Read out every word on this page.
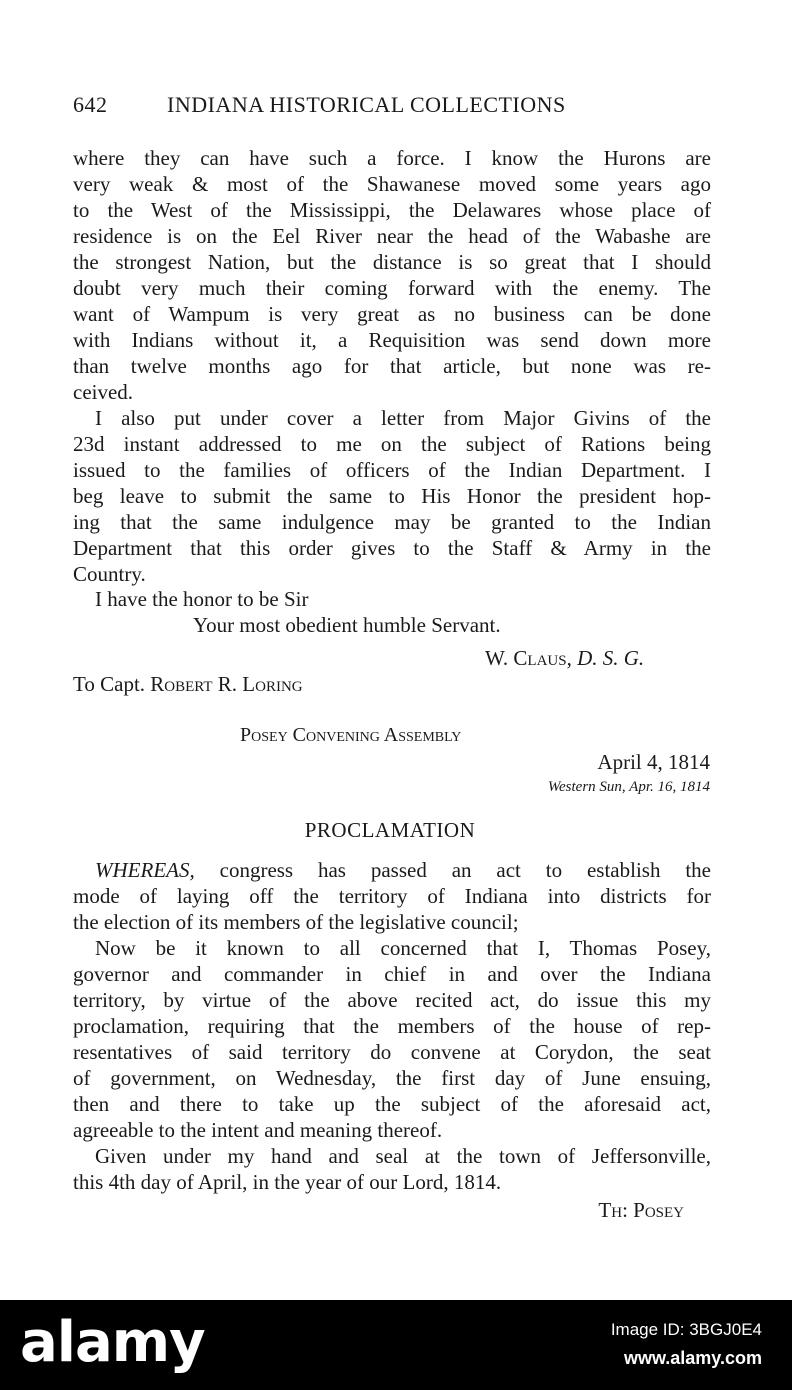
642	INDIANA HISTORICAL COLLECTIONS
where they can have such a force. I know the Hurons are
very weak & most of the Shawanese moved some years ago
to the West of the Mississippi, the Delawares whose place of
residence is on the Eel River near the head of the Wabashe are
the strongest Nation, but the distance is so great that I should
doubt very much their coming forward with the enemy. The
want of Wampum is very great as no business can be done
with Indians without it, a Requisition was send down more
than twelve months ago for that article, but none was re-
ceived.
I also put under cover a letter from Major Givins of the
23d instant addressed to me on the subject of Rations being
issued to the families of officers of the Indian Department. I
beg leave to submit the same to His Honor the president hop-
ing that the same indulgence may be granted to the Indian
Department that this order gives to the Staff & Army in the
Country.
I have the honor to be Sir
Your most obedient humble Servant.
W. Claus, D. S. G.
To Capt. Robert R. Loring
Posey Convening Assembly
April 4, 1814
Western Sun, Apr. 16, 1814
PROCLAMATION
WHEREAS, congress has passed an act to establish the
mode of laying off the territory of Indiana into districts for
the election of its members of the legislative council;
Now be it known to all concerned that I, Thomas Posey,
governor and commander in chief in and over the Indiana
territory, by virtue of the above recited act, do issue this my
proclamation, requiring that the members of the house of rep-
resentatives of said territory do convene at Corydon, the seat
of government, on Wednesday, the first day of June ensuing,
then and there to take up the subject of the aforesaid act,
agreeable to the intent and meaning thereof.
Given under my hand and seal at the town of Jeffersonville,
this 4th day of April, in the year of our Lord, 1814.
Th: Posey
alamy	Image ID: 3BGJ0E4
www.alamy.com
